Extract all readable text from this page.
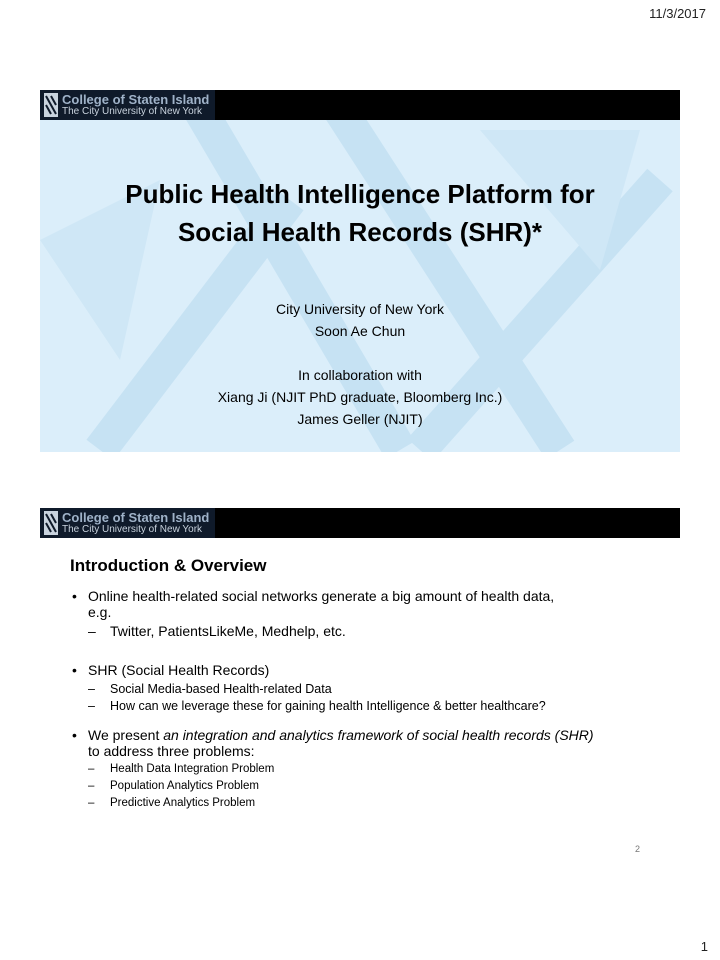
11/3/2017
College of Staten Island
The City University of New York
Public Health Intelligence Platform for
Social Health Records (SHR)*
City University of New York
Soon Ae Chun
In collaboration with
Xiang Ji (NJIT PhD graduate, Bloomberg Inc.)
James Geller (NJIT)
College of Staten Island
The City University of New York
Introduction & Overview
• Online health-related social networks generate a big amount of health data,
e.g.
– Twitter, PatientsLikeMe, Medhelp, etc.
• SHR (Social Health Records)
– Social Media-based Health-related Data
– How can we leverage these for gaining health Intelligence & better healthcare?
• We present an integration and analytics framework of social health records (SHR)
to address three problems:
– Health Data Integration Problem
– Population Analytics Problem
– Predictive Analytics Problem
2
1
